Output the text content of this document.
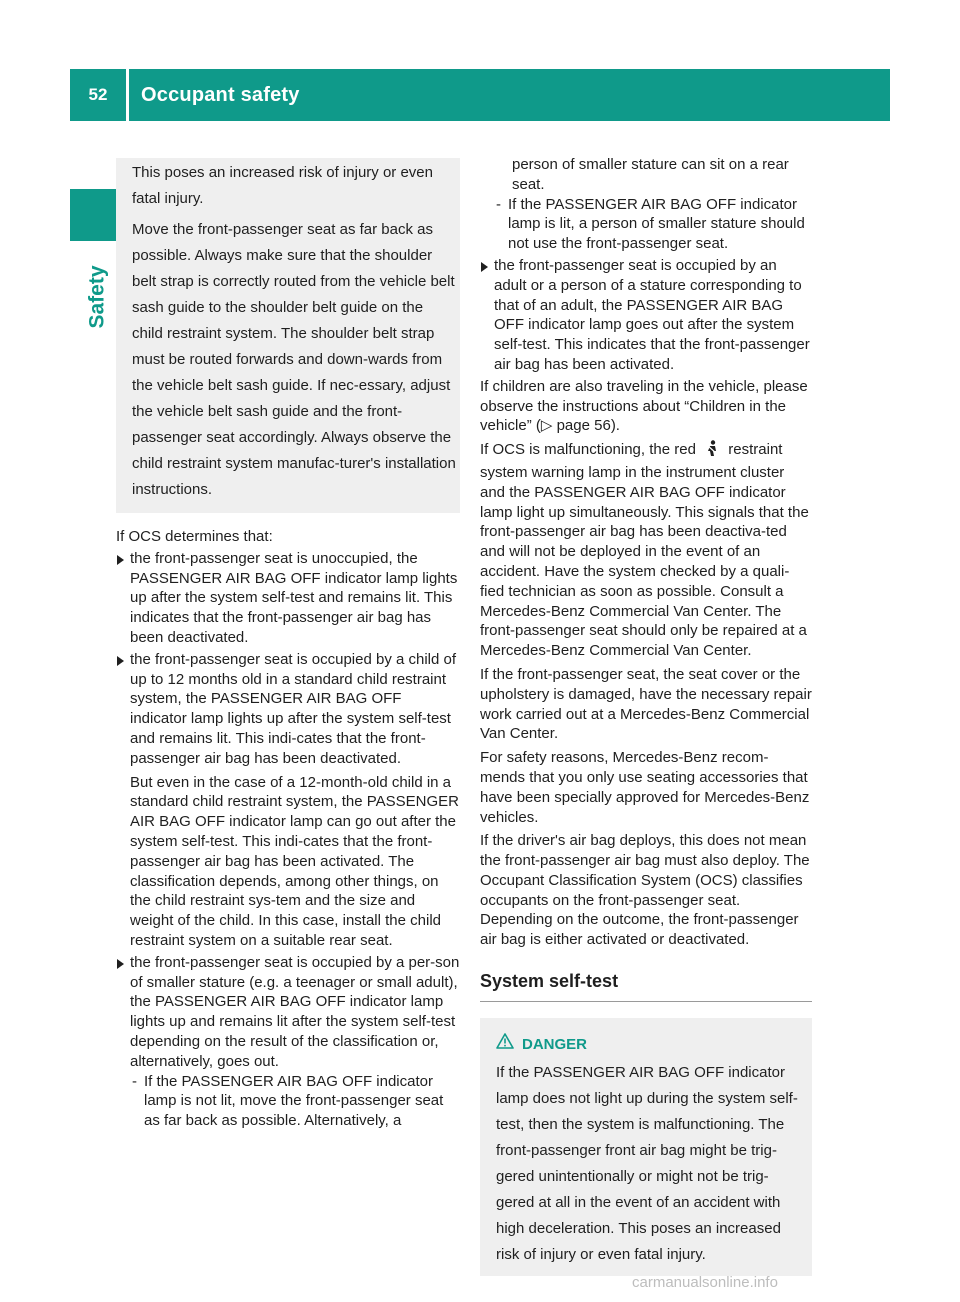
52	Occupant safety
Safety

This poses an increased risk of injury or even fatal injury.

Move the front-passenger seat as far back as possible. Always make sure that the shoulder belt strap is correctly routed from the vehicle belt sash guide to the shoulder belt guide on the child restraint system. The shoulder belt strap must be routed forwards and down-wards from the vehicle belt sash guide. If nec-essary, adjust the vehicle belt sash guide and the front-passenger seat accordingly. Always observe the child restraint system manufac-turer's installation instructions.

If OCS determines that:

the front-passenger seat is unoccupied, the PASSENGER AIR BAG OFF indicator lamp lights up after the system self-test and remains lit. This indicates that the front-passenger air bag has been deactivated.
the front-passenger seat is occupied by a child of up to 12 months old in a standard child restraint system, the PASSENGER AIR BAG OFF indicator lamp lights up after the system self-test and remains lit. This indi-cates that the front-passenger air bag has been deactivated.
But even in the case of a 12-month-old child in a standard child restraint system, the PASSENGER AIR BAG OFF indicator lamp can go out after the system self-test. This indi-cates that the front-passenger air bag has been activated. The classification depends, among other things, on the child restraint sys-tem and the size and weight of the child. In this case, install the child restraint system on a suitable rear seat.
the front-passenger seat is occupied by a per-son of smaller stature (e.g. a teenager or small adult), the PASSENGER AIR BAG OFF indicator lamp lights up and remains lit after the system self-test depending on the result of the classification or, alternatively, goes out.
- If the PASSENGER AIR BAG OFF indicator lamp is not lit, move the front-passenger seat as far back as possible. Alternatively, a
person of smaller stature can sit on a rear seat.
- If the PASSENGER AIR BAG OFF indicator lamp is lit, a person of smaller stature should not use the front-passenger seat.
the front-passenger seat is occupied by an adult or a person of a stature corresponding to that of an adult, the PASSENGER AIR BAG OFF indicator lamp goes out after the system self-test. This indicates that the front-passenger air bag has been activated.

If children are also traveling in the vehicle, please observe the instructions about “Children in the vehicle” (▷ page 56).

If OCS is malfunctioning, the red restraint system warning lamp in the instrument cluster and the PASSENGER AIR BAG OFF indicator lamp light up simultaneously. This signals that the front-passenger air bag has been deactiva-ted and will not be deployed in the event of an accident. Have the system checked by a quali-fied technician as soon as possible. Consult a Mercedes-Benz Commercial Van Center. The front-passenger seat should only be repaired at a Mercedes-Benz Commercial Van Center.

If the front-passenger seat, the seat cover or the upholstery is damaged, have the necessary repair work carried out at a Mercedes-Benz Commercial Van Center.

For safety reasons, Mercedes-Benz recom-mends that you only use seating accessories that have been specially approved for Mercedes-Benz vehicles.

If the driver's air bag deploys, this does not mean the front-passenger air bag must also deploy. The Occupant Classification System (OCS) classifies occupants on the front-passenger seat. Depending on the outcome, the front-passenger air bag is either activated or deactivated.

System self-test
DANGER

If the PASSENGER AIR BAG OFF indicator lamp does not light up during the system self-test, then the system is malfunctioning. The front-passenger front air bag might be trig-gered unintentionally or might not be trig-gered at all in the event of an accident with high deceleration. This poses an increased risk of injury or even fatal injury.

carmanualsonline.info
